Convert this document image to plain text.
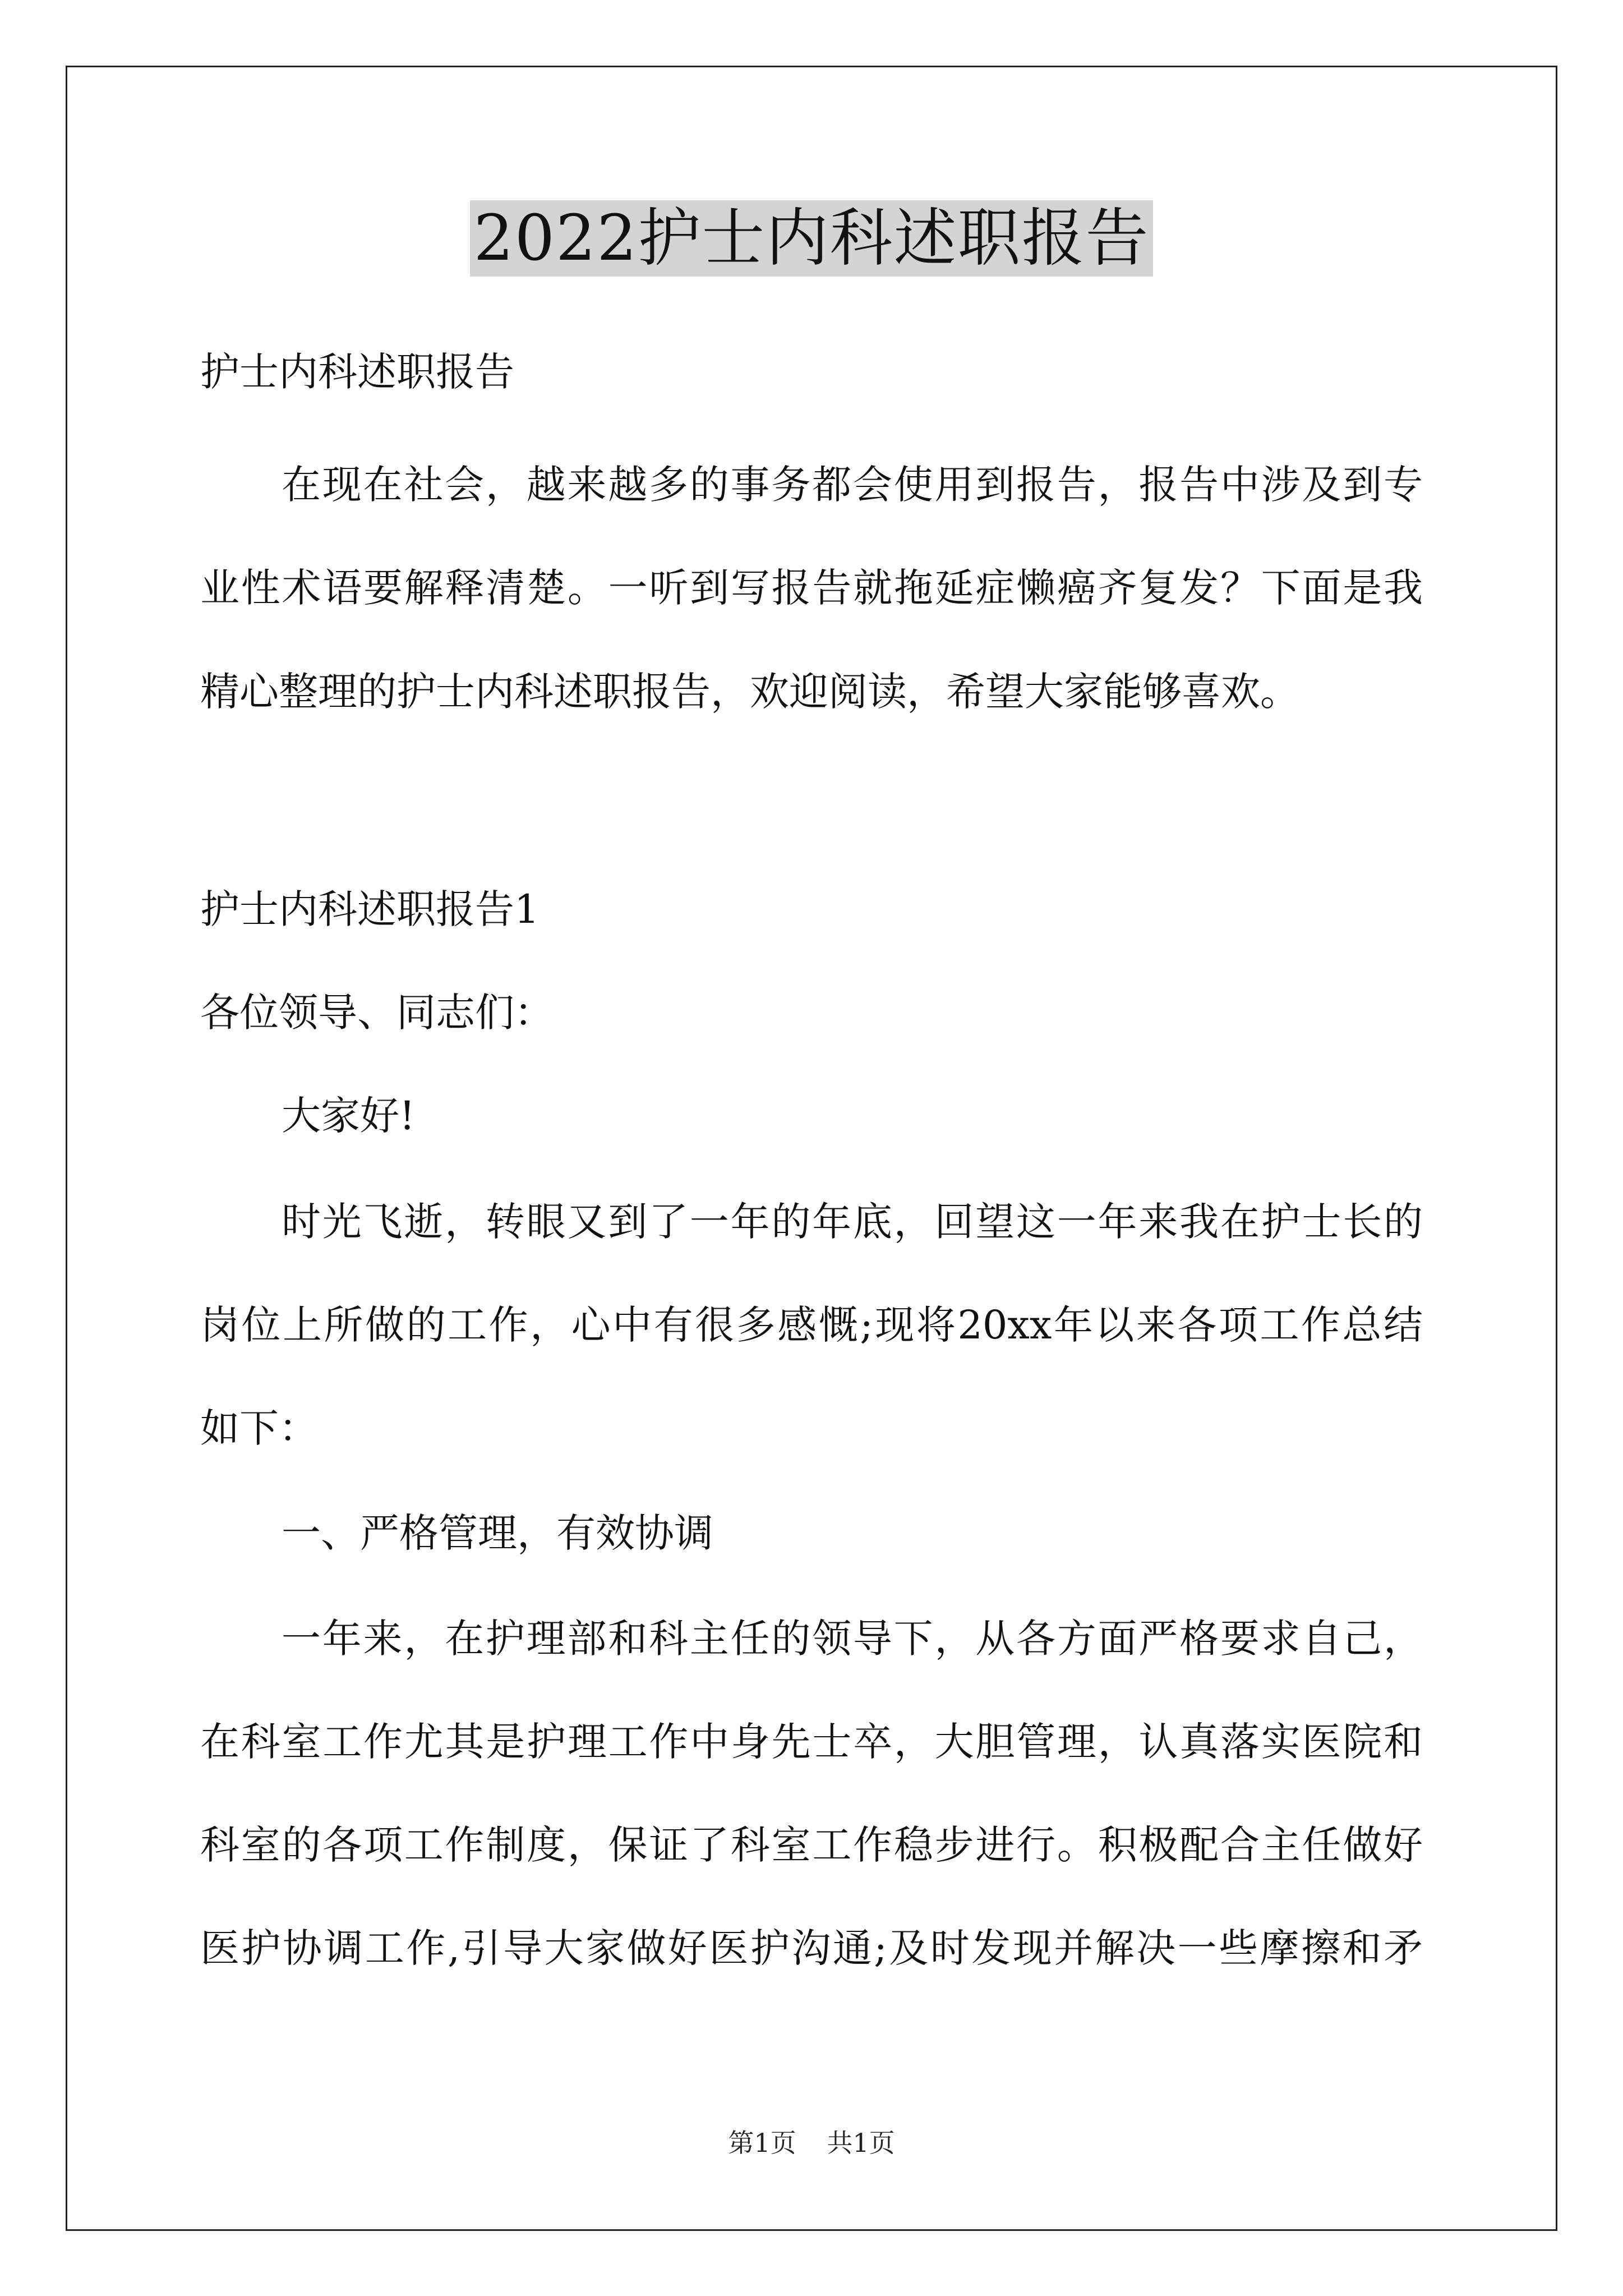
2022护士内科述职报告
护士内科述职报告
在现在社会，越来越多的事务都会使用到报告，报告中涉及到专
业性术语要解释清楚。一听到写报告就拖延症懒癌齐复发？下面是我
精心整理的护士内科述职报告，欢迎阅读，希望大家能够喜欢。
护士内科述职报告1
各位领导、同志们：
大家好!
时光飞逝，转眼又到了一年的年底，回望这一年来我在护士长的
岗位上所做的工作，心中有很多感慨;现将20xx年以来各项工作总结
如下：
一、严格管理，有效协调
一年来，在护理部和科主任的领导下，从各方面严格要求自己，
在科室工作尤其是护理工作中身先士卒，大胆管理，认真落实医院和
科室的各项工作制度，保证了科室工作稳步进行。积极配合主任做好
医护协调工作,引导大家做好医护沟通;及时发现并解决一些摩擦和矛
第1页 共1页
